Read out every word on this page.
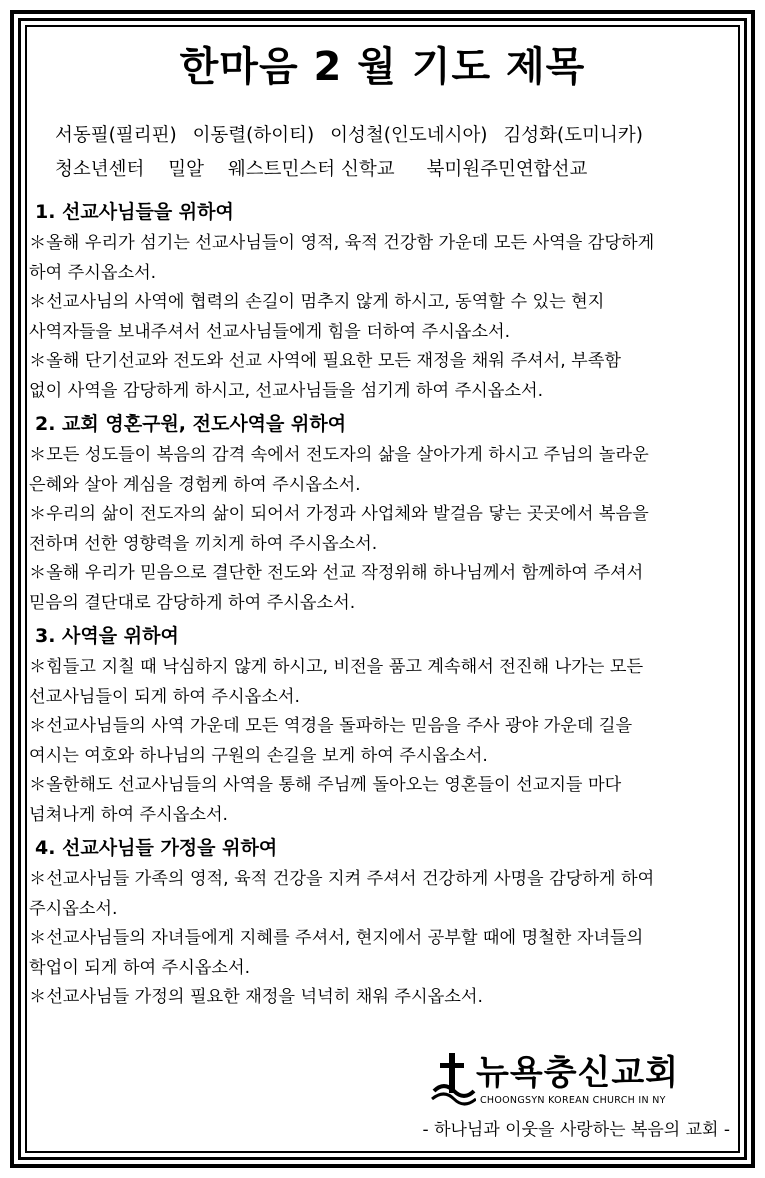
한마음 2 월 기도 제목
서동필(필리핀) 이동렬(하이티) 이성철(인도네시아) 김성화(도미니카)
청소년센터 밀알 웨스트민스터 신학교 북미원주민연합선교
1. 선교사님들을 위하여
＊올해 우리가 섬기는 선교사님들이 영적, 육적 건강함 가운데 모든 사역을 감당하게
하여 주시옵소서.
＊선교사님의 사역에 협력의 손길이 멈추지 않게 하시고, 동역할 수 있는 현지
사역자들을 보내주셔서 선교사님들에게 힘을 더하여 주시옵소서.
＊올해 단기선교와 전도와 선교 사역에 필요한 모든 재정을 채워 주셔서, 부족함
없이 사역을 감당하게 하시고, 선교사님들을 섬기게 하여 주시옵소서.
2. 교회 영혼구원, 전도사역을 위하여
＊모든 성도들이 복음의 감격 속에서 전도자의 삶을 살아가게 하시고 주님의 놀라운
은혜와 살아 계심을 경험케 하여 주시옵소서.
＊우리의 삶이 전도자의 삶이 되어서 가정과 사업체와 발걸음 닿는 곳곳에서 복음을
전하며 선한 영향력을 끼치게 하여 주시옵소서.
＊올해 우리가 믿음으로 결단한 전도와 선교 작정위해 하나님께서 함께하여 주셔서
믿음의 결단대로 감당하게 하여 주시옵소서.
3. 사역을 위하여
＊힘들고 지칠 때 낙심하지 않게 하시고, 비전을 품고 계속해서 전진해 나가는 모든
선교사님들이 되게 하여 주시옵소서.
＊선교사님들의 사역 가운데 모든 역경을 돌파하는 믿음을 주사 광야 가운데 길을
여시는 여호와 하나님의 구원의 손길을 보게 하여 주시옵소서.
＊올한해도 선교사님들의 사역을 통해 주님께 돌아오는 영혼들이 선교지들 마다
넘쳐나게 하여 주시옵소서.
4. 선교사님들 가정을 위하여
＊선교사님들 가족의 영적, 육적 건강을 지켜 주셔서 건강하게 사명을 감당하게 하여
주시옵소서.
＊선교사님들의 자녀들에게 지혜를 주셔서, 현지에서 공부할 때에 명철한 자녀들의
학업이 되게 하여 주시옵소서.
＊선교사님들 가정의 필요한 재정을 넉넉히 채워 주시옵소서.
뉴욕충신교회
CHOONGSYN KOREAN CHURCH IN NY
- 하나님과 이웃을 사랑하는 복음의 교회 -
